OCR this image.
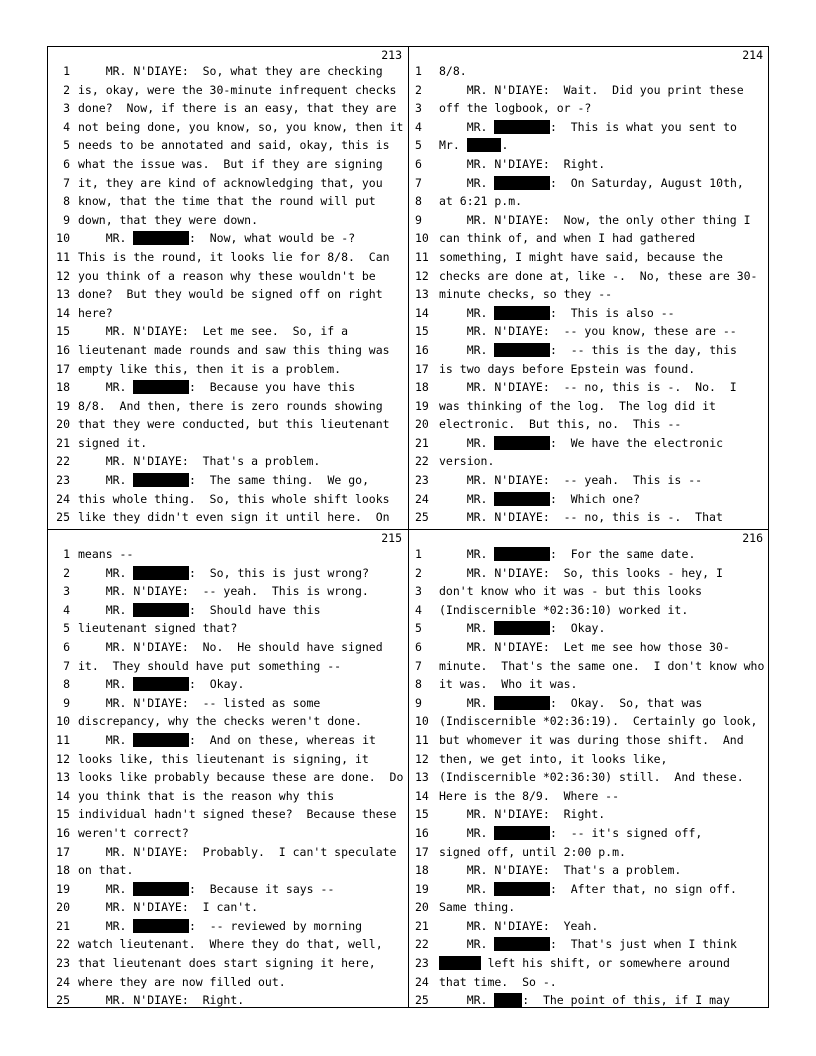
213
1 MR. N'DIAYE:  So, what they are checking
2 is, okay, were the 30-minute infrequent checks
3 done?  Now, if there is an easy, that they are
4 not being done, you know, so, you know, then it
5 needs to be annotated and said, okay, this is
6 what the issue was.  But if they are signing
7 it, they are kind of acknowledging that, you
8 know, that the time that the round will put
9 down, that they were down.
10 MR.	:  Now, what would be -?
11 This is the round, it looks lie for 8/8.  Can
12 you think of a reason why these wouldn't be
13 done?  But they would be signed off on right
14 here?
15 MR. N'DIAYE:  Let me see.  So, if a
16 lieutenant made rounds and saw this thing was
17 empty like this, then it is a problem.
18 MR.	:  Because you have this
19 8/8.  And then, there is zero rounds showing
20 that they were conducted, but this lieutenant
21 signed it.
22 MR. N'DIAYE:  That's a problem.
23 MR.	:  The same thing.  We go,
24 this whole thing.  So, this whole shift looks
25 like they didn't even sign it until here.  On
214
1	8/8.
2	MR. N'DIAYE:  Wait.  Did you print these
3	off the logbook, or -?
4	MR.	:  This is what you sent to
5	Mr.	.
6	MR. N'DIAYE:  Right.
7	MR.	:  On Saturday, August 10th,
8	at 6:21 p.m.
9	MR. N'DIAYE:  Now, the only other thing I
10 can think of, and when I had gathered
11 something, I might have said, because the
12 checks are done at, like -.  No, these are 30-
13 minute checks, so they --
14 MR.	:  This is also --
15 MR. N'DIAYE:  -- you know, these are --
16 MR.	:  -- this is the day, this
17 is two days before Epstein was found.
18 MR. N'DIAYE:  -- no, this is -.  No.  I
19 was thinking of the log.  The log did it
20 electronic.  But this, no.  This --
21 MR.	:  We have the electronic
22 version.
23 MR. N'DIAYE:  -- yeah.  This is --
24 MR.	:  Which one?
25 MR. N'DIAYE:  -- no, this is -.  That
215
1 means --
2 MR.	:  So, this is just wrong?
3 MR. N'DIAYE:  -- yeah.  This is wrong.
4 MR.	:  Should have this
5 lieutenant signed that?
6 MR. N'DIAYE:  No.  He should have signed
7 it.  They should have put something --
8 MR.	:  Okay.
9 MR. N'DIAYE:  -- listed as some
10 discrepancy, why the checks weren't done.
11 MR.	:  And on these, whereas it
12 looks like, this lieutenant is signing, it
13 looks like probably because these are done.  Do
14 you think that is the reason why this
15 individual hadn't signed these?  Because these
16 weren't correct?
17 MR. N'DIAYE:  Probably.  I can't speculate
18 on that.
19 MR.	:  Because it says --
20 MR. N'DIAYE:  I can't.
21 MR.	:  -- reviewed by morning
22 watch lieutenant.  Where they do that, well,
23 that lieutenant does start signing it here,
24 where they are now filled out.
25 MR. N'DIAYE:  Right.
216
1	MR.	:  For the same date.
2	MR. N'DIAYE:  So, this looks - hey, I
3	don't know who it was - but this looks
4	(Indiscernible *02:36:10) worked it.
5	MR.	:  Okay.
6	MR. N'DIAYE:  Let me see how those 30-
7	minute.  That's the same one.  I don't know who
8	it was.  Who it was.
9	MR.	:  Okay.  So, that was
10 (Indiscernible *02:36:19).  Certainly go look,
11 but whomever it was during those shift.  And
12 then, we get into, it looks like,
13 (Indiscernible *02:36:30) still.  And these.
14 Here is the 8/9.  Where --
15 MR. N'DIAYE:  Right.
16 MR.	:  -- it's signed off,
17 signed off, until 2:00 p.m.
18 MR. N'DIAYE:  That's a problem.
19 MR.	:  After that, no sign off.
20 Same thing.
21 MR. N'DIAYE:  Yeah.
22 MR.	:  That's just when I think
23	left his shift, or somewhere around
24 that time.  So -.
25 MR. :  The point of this, if I may
